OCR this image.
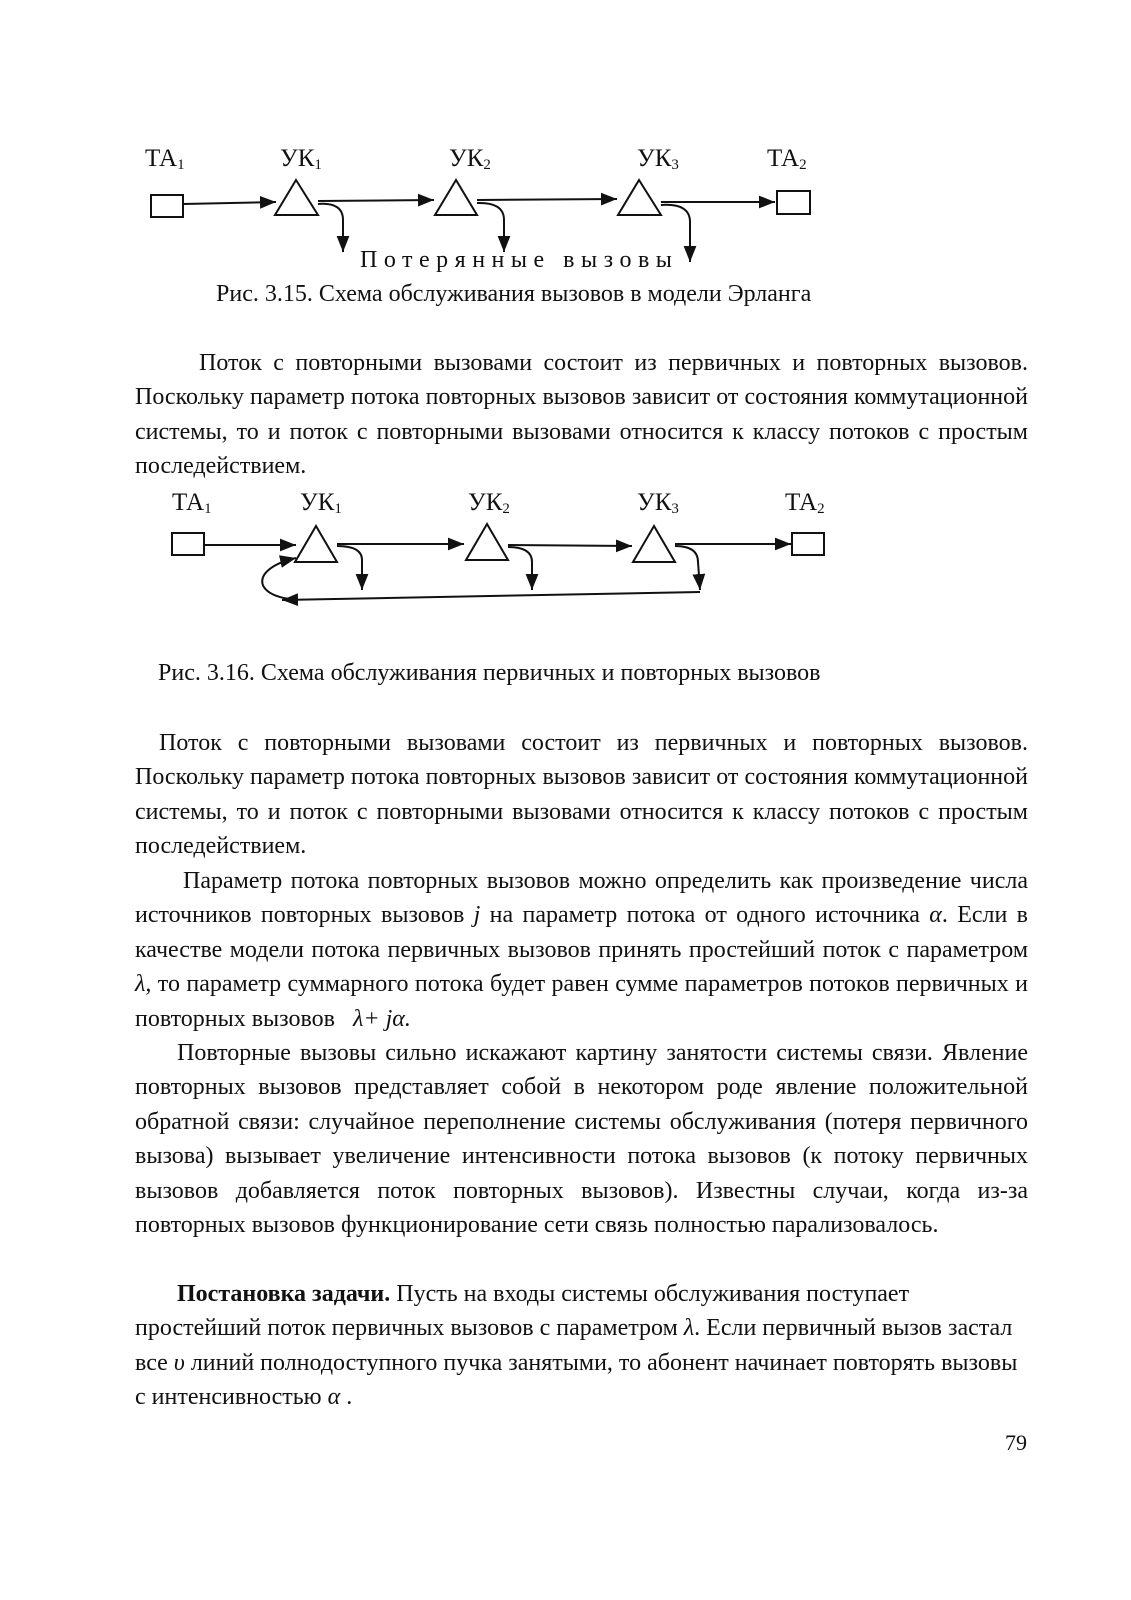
$ТА_1$	$УК_1$	$УК_2$	$УК_3$	$ТА_2$
Потерянные вызовы
Рис. 3.15. Схема обслуживания вызовов в модели Эрланга
Поток с повторными вызовами состоит из первичных и повторных вызовов. Поскольку параметр потока повторных вызовов зависит от состояния коммутационной системы, то и поток с повторными вызовами относится к классу потоков с простым последействием.
$ТА_1$	$УК_1$	$УК_2$	$УК_3$	$ТА_2$
Рис. 3.16. Схема обслуживания первичных и повторных вызовов
Поток с повторными вызовами состоит из первичных и повторных вызовов. Поскольку параметр потока повторных вызовов зависит от состояния коммутационной системы, то и поток с повторными вызовами относится к классу потоков с простым последействием.
Параметр потока повторных вызовов можно определить как произведение числа источников повторных вызовов j на параметр потока от одного источника α. Если в качестве модели потока первичных вызовов принять простейший поток с параметром λ, то параметр суммарного потока будет равен сумме параметров потоков первичных и повторных вызовов   λ+ jα.
Повторные вызовы сильно искажают картину занятости системы связи. Явление повторных вызовов представляет собой в некотором роде явление положительной обратной связи: случайное переполнение системы обслуживания (потеря первичного вызова) вызывает увеличение интенсивности потока вызовов (к потоку первичных вызовов добавляется поток повторных вызовов). Известны случаи, когда из-за повторных вызовов функционирование сети связь полностью парализовалось.
Постановка задачи. Пусть на входы системы обслуживания поступает простейший поток первичных вызовов с параметром λ. Если первичный вызов застал все υ линий полнодоступного пучка занятыми, то абонент начинает повторять вызовы с интенсивностью α .
79
